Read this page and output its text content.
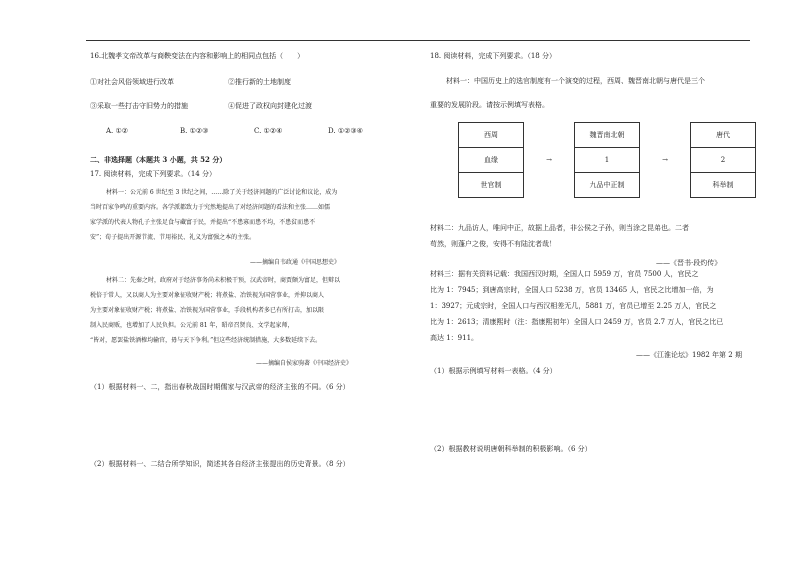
16.北魏孝文帝改革与商鞅变法在内容和影响上的相同点包括（　　）
①对社会风俗领域进行改革	②推行新的土地制度
③采取一些打击守旧势力的措施	④促进了政权向封建化过渡
A. ①②	B. ①②③	C. ①②④	D. ①②③④
二、非选择题（本题共 3 小题，共 52 分）
17. 阅读材料，完成下列要求。（14 分）
材料一：公元前 6 世纪至 3 世纪之间，……除了关于经济问题的广泛讨论和议论，成为
当时百家争鸣的重要内容。各学派都致力于究然地提出了对经济问题的看法和主张……如儒
家学派的代表人物孔子主张足食与藏富于民，并提出“不患寡而患不均，不患贫而患不
安”；荀子提出开源节流、节用裕民、礼义为富强之本的主张。
——摘编自韦政通《中国思想史》
材料二：先秦之时，政府对于经济事务尚未积极干预，汉武帝时，商贾颇为富足，但辩以
税倍于常人，又以商人为主要对象征收财产税；将煮盐、冶铁视为国营事业，并抑以商人
为主要对象征收财产税；将煮盐、冶铁视为国营事业，手段机构者多已有所打击，加以限
制入民商贩，也增加了人民负担。公元前 81 年，昭帝召贤良、文学起家师，
“皆对，愿罢盐铁酒榷均输官，毋与天下争利。”但这些经济统制措施，大多数延续下去。
——摘编自侯家驹著《中国经济史》
（1）根据材料一、二，指出春秋战国时期儒家与汉武帝的经济主张的不同。（6 分）
（2）根据材料一、二结合所学知识，简述其各自经济主张提出的历史背景。（8 分）
18. 阅读材料，完成下列要求。（18 分）
材料一：中国历史上的选官制度有一个演变的过程，西周、魏晋南北朝与唐代是三个
重要的发展阶段。请按示例填写表格。
西周		魏晋南北朝		唐代
血缘	→	1	→	2
世官制		九品中正制		科举制
材料二：九品访人，唯问中正，故据上品者，非公侯之子孙，则当涂之昆弟也。二者
苟然，则蓬户之俊，安得不有陆沈者哉！
——《晋书·段灼传》
材料三：据有关资料记载：我国西汉时期，全国人口 5959 万，官员 7500 人，官民之
比为 1：7945；到唐高宗时，全国人口 5238 万，官员 13465 人，官民之比增加一倍，为
1：3927；元成宗时，全国人口与西汉相差无几，5881 万，官员已增至 2.25 万人，官民之
比为 1：2613；清康熙时（注：指康熙初年）全国人口 2459 万，官员 2.7 万人，官民之比已
高达 1：911。
——《江淮论坛》1982 年第 2 期
（1）根据示例填写材料一表格。（4 分）
（2）根据教材说明唐朝科举制的积极影响。（6 分）
